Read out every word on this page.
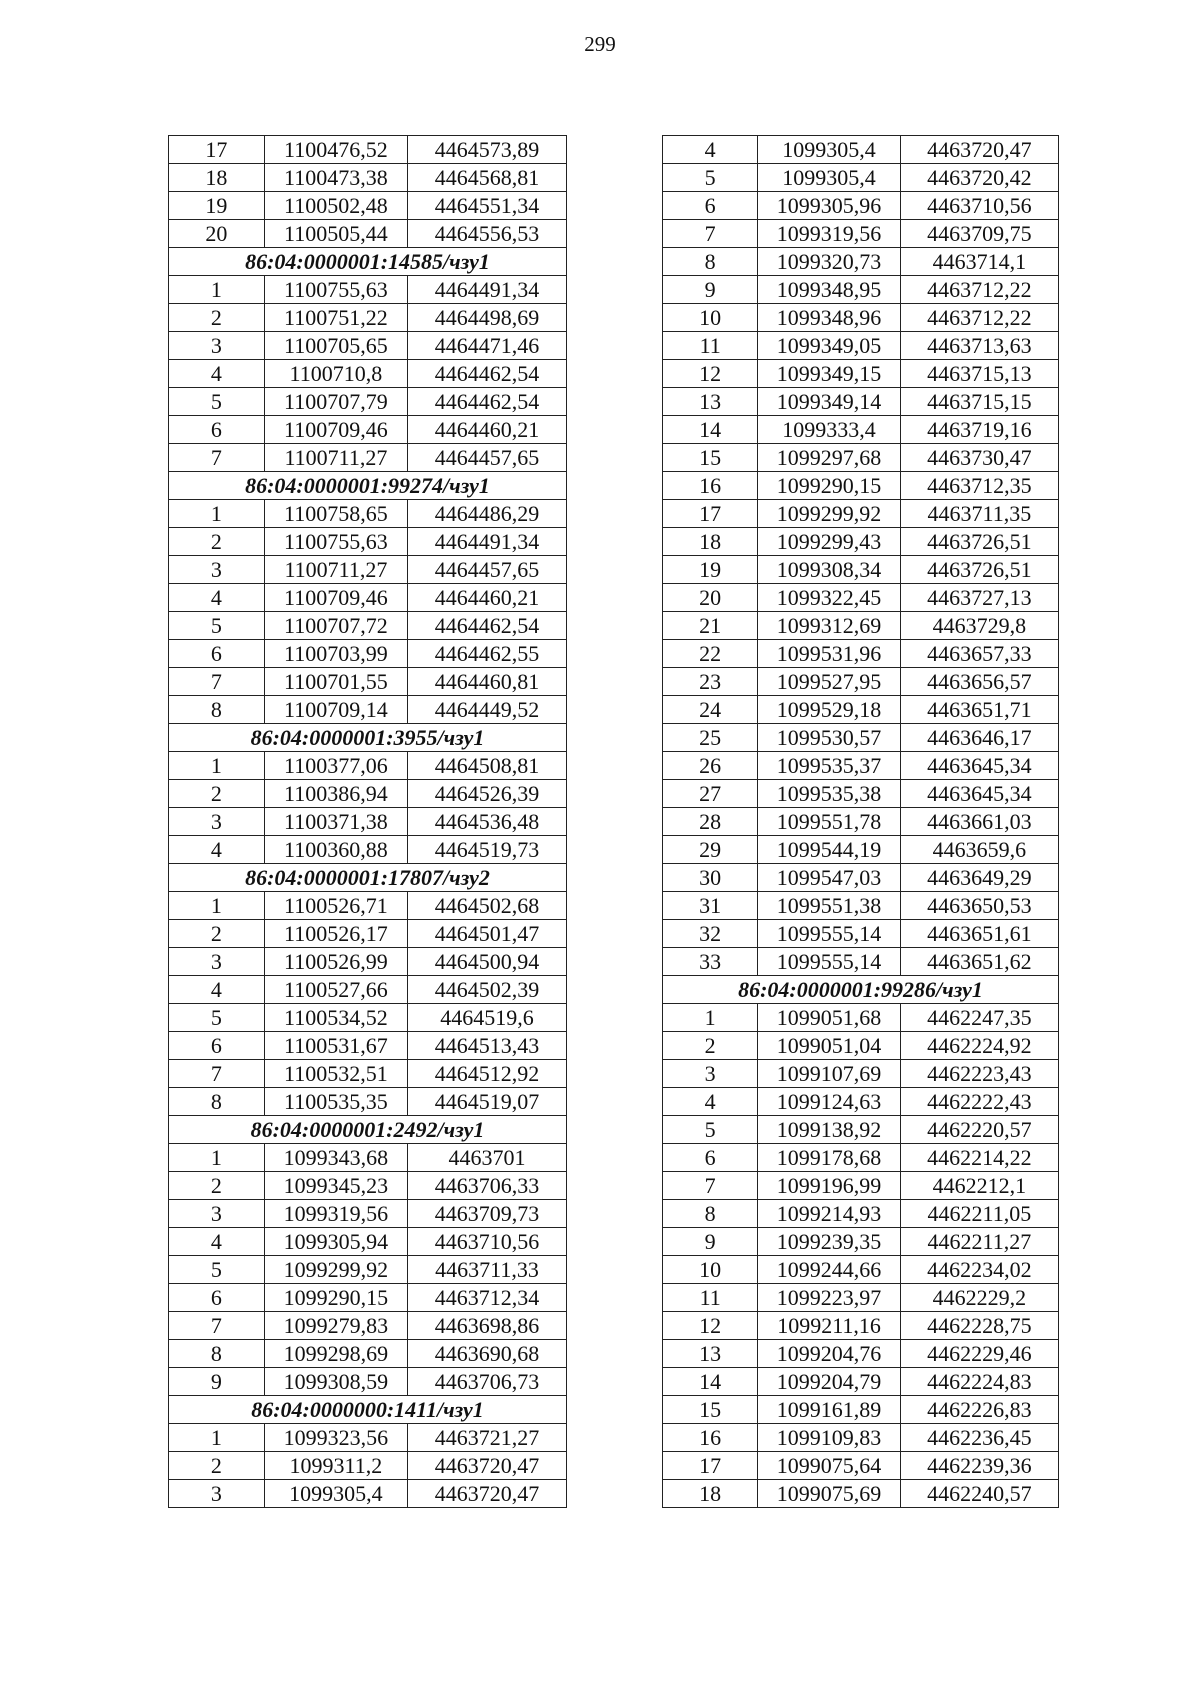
299
17	1100476,52	4464573,89
18	1100473,38	4464568,81
19	1100502,48	4464551,34
20	1100505,44	4464556,53
86:04:0000001:14585/чзу1		
1	1100755,63	4464491,34
2	1100751,22	4464498,69
3	1100705,65	4464471,46
4	1100710,8	4464462,54
5	1100707,79	4464462,54
6	1100709,46	4464460,21
7	1100711,27	4464457,65
86:04:0000001:99274/чзу1		
1	1100758,65	4464486,29
2	1100755,63	4464491,34
3	1100711,27	4464457,65
4	1100709,46	4464460,21
5	1100707,72	4464462,54
6	1100703,99	4464462,55
7	1100701,55	4464460,81
8	1100709,14	4464449,52
86:04:0000001:3955/чзу1		
1	1100377,06	4464508,81
2	1100386,94	4464526,39
3	1100371,38	4464536,48
4	1100360,88	4464519,73
86:04:0000001:17807/чзу2		
1	1100526,71	4464502,68
2	1100526,17	4464501,47
3	1100526,99	4464500,94
4	1100527,66	4464502,39
5	1100534,52	4464519,6
6	1100531,67	4464513,43
7	1100532,51	4464512,92
8	1100535,35	4464519,07
86:04:0000001:2492/чзу1		
1	1099343,68	4463701
2	1099345,23	4463706,33
3	1099319,56	4463709,73
4	1099305,94	4463710,56
5	1099299,92	4463711,33
6	1099290,15	4463712,34
7	1099279,83	4463698,86
8	1099298,69	4463690,68
9	1099308,59	4463706,73
86:04:0000000:1411/чзу1		
1	1099323,56	4463721,27
2	1099311,2	4463720,47
3	1099305,4	4463720,47
4	1099305,4	4463720,47
5	1099305,4	4463720,42
6	1099305,96	4463710,56
7	1099319,56	4463709,75
8	1099320,73	4463714,1
9	1099348,95	4463712,22
10	1099348,96	4463712,22
11	1099349,05	4463713,63
12	1099349,15	4463715,13
13	1099349,14	4463715,15
14	1099333,4	4463719,16
15	1099297,68	4463730,47
16	1099290,15	4463712,35
17	1099299,92	4463711,35
18	1099299,43	4463726,51
19	1099308,34	4463726,51
20	1099322,45	4463727,13
21	1099312,69	4463729,8
22	1099531,96	4463657,33
23	1099527,95	4463656,57
24	1099529,18	4463651,71
25	1099530,57	4463646,17
26	1099535,37	4463645,34
27	1099535,38	4463645,34
28	1099551,78	4463661,03
29	1099544,19	4463659,6
30	1099547,03	4463649,29
31	1099551,38	4463650,53
32	1099555,14	4463651,61
33	1099555,14	4463651,62
86:04:0000001:99286/чзу1		
1	1099051,68	4462247,35
2	1099051,04	4462224,92
3	1099107,69	4462223,43
4	1099124,63	4462222,43
5	1099138,92	4462220,57
6	1099178,68	4462214,22
7	1099196,99	4462212,1
8	1099214,93	4462211,05
9	1099239,35	4462211,27
10	1099244,66	4462234,02
11	1099223,97	4462229,2
12	1099211,16	4462228,75
13	1099204,76	4462229,46
14	1099204,79	4462224,83
15	1099161,89	4462226,83
16	1099109,83	4462236,45
17	1099075,64	4462239,36
18	1099075,69	4462240,57
